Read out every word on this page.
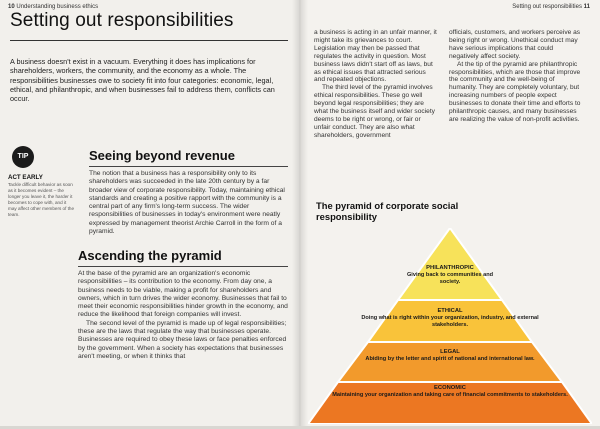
10 Understanding business ethics
Setting out responsibilities
A business doesn't exist in a vacuum. Everything it does has implications for shareholders, workers, the community, and the economy as a whole. The responsibilities businesses owe to society fit into four categories: economic, legal, ethical, and philanthropic, and when businesses fail to address them, conflicts can occur.
TIP
ACT EARLY
Tackle difficult behavior as soon as it becomes evident – the longer you leave it, the harder it becomes to cope with, and it may affect other members of the team.
Seeing beyond revenue
The notion that a business has a responsibility only to its shareholders was succeeded in the late 20th century by a far broader view of corporate responsibility. Today, maintaining ethical standards and creating a positive rapport with the community is a central part of any firm's long-term success. The wider responsibilities of businesses in today's environment were neatly expressed by management theorist Archie Carroll in the form of a pyramid.
Ascending the pyramid

At the base of the pyramid are an organization's economic responsibilities – its contribution to the economy. From day one, a business needs to be viable, making a profit for shareholders and owners, which in turn drives the wider economy. Businesses that fail to meet their economic responsibilities hinder growth in the economy, and reduce the likelihood that foreign companies will invest.

The second level of the pyramid is made up of legal responsibilities; these are the laws that regulate the way that businesses operate. Businesses are required to obey these laws or face penalties enforced by the government. When a society has expectations that businesses aren't meeting, or when it thinks that

Setting out responsibilities 11

a business is acting in an unfair manner, it might take its grievances to court. Legislation may then be passed that regulates the activity in question. Most business laws didn't start off as laws, but as ethical issues that attracted serious and repeated objections.

The third level of the pyramid involves ethical responsibilities. These go well beyond legal responsibilities; they are what the business itself and wider society deems to be right or wrong, or fair or unfair conduct. They are also what shareholders, government

officials, customers, and workers perceive as being right or wrong. Unethical conduct may have serious implications that could negatively affect society.

At the tip of the pyramid are philanthropic responsibilities, which are those that improve the community and the well-being of humanity. They are completely voluntary, but increasing numbers of people expect businesses to donate their time and efforts to philanthropic causes, and many businesses are realizing the value of non-profit activities.

The pyramid of corporate social responsibility
PHILANTHROPIC
Giving back to communities and society.
ETHICAL
Doing what is right within your organization, industry, and external stakeholders.
LEGAL
Abiding by the letter and spirit of national and international law.
ECONOMIC
Maintaining your organization and taking care of financial commitments to stakeholders.
